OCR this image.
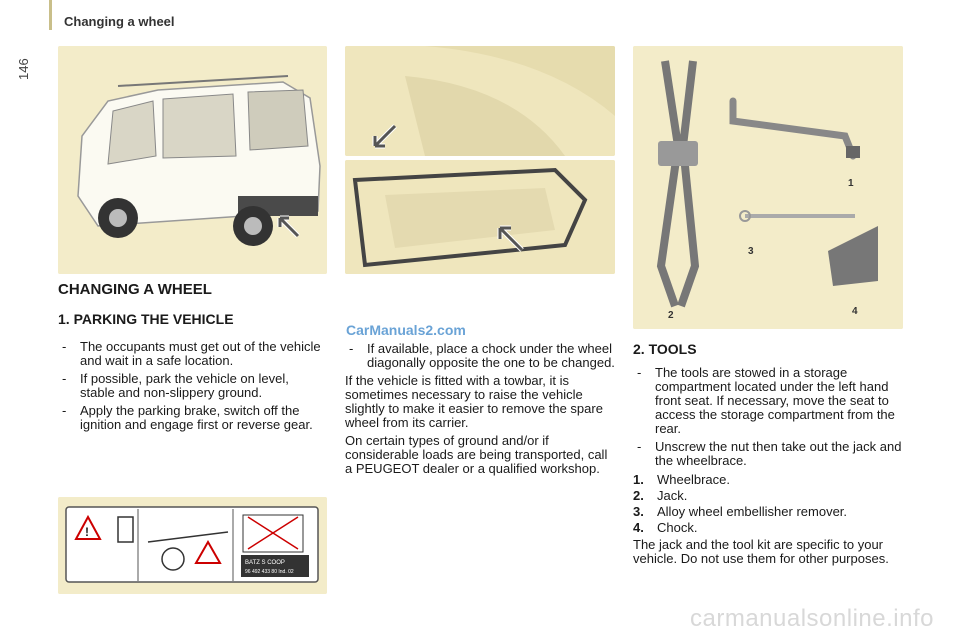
Changing a wheel
146
1
2
3
4
CHANGING A WHEEL
1. PARKING THE VEHICLE
- The occupants must get out of the vehicle and wait in a safe location.
- If possible, park the vehicle on level, stable and non-slippery ground.
- Apply the parking brake, switch off the ignition and engage first or reverse gear.
CarManuals2.com
- If available, place a chock under the wheel diagonally opposite the one to be changed.

If the vehicle is fitted with a towbar, it is sometimes necessary to raise the vehicle slightly to make it easier to remove the spare wheel from its carrier.

On certain types of ground and/or if considerable loads are being transported, call a PEUGEOT dealer or a qualified workshop.

2. TOOLS
- The tools are stowed in a storage compartment located under the left hand front seat. If necessary, move the seat to access the storage compartment from the rear.
- Unscrew the nut then take out the jack and the wheelbrace.
1. Wheelbrace.
2. Jack.
3. Alloy wheel embellisher remover.
4. Chock.

The jack and the tool kit are specific to your vehicle. Do not use them for other purposes.

!
BATZ S COOP
96 492 433 80 Ind. 02
carmanualsonline.info
